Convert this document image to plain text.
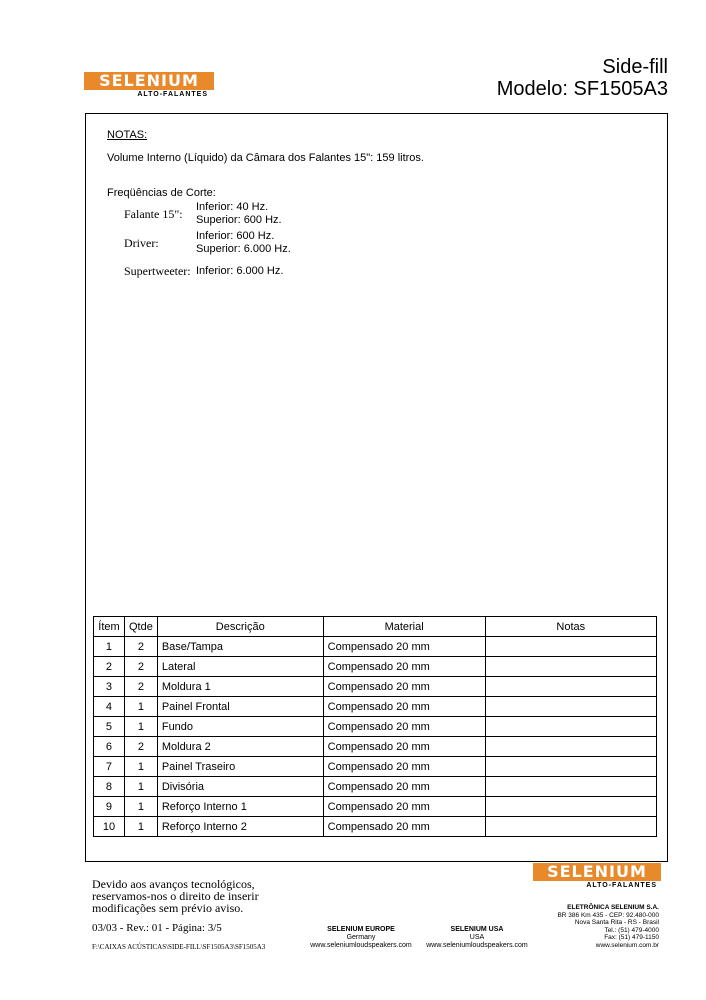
SELENIUM
ALTO-FALANTES
Side-fill
Modelo: SF1505A3
NOTAS:
Volume Interno (Líquido) da Câmara dos Falantes 15": 159 litros.
Freqüências de Corte:
Falante 15": Inferior: 40 Hz.
Superior: 600 Hz.
Driver:	Inferior: 600 Hz.
Superior: 6.000 Hz.
Supertweeter: Inferior: 6.000 Hz.
Ítem	Qtde	Descrição	Material	Notas
1	2	Base/Tampa	Compensado 20 mm	
2	2	Lateral	Compensado 20 mm	
3	2	Moldura 1	Compensado 20 mm	
4	1	Painel Frontal	Compensado 20 mm	
5	1	Fundo	Compensado 20 mm	
6	2	Moldura 2	Compensado 20 mm	
7	1	Painel Traseiro	Compensado 20 mm	
8	1	Divisória	Compensado 20 mm	
9	1	Reforço Interno 1	Compensado 20 mm	
10	1	Reforço Interno 2	Compensado 20 mm	
Devido aos avanços tecnológicos,
reservamos-nos o direito de inserir
modificações sem prévio aviso.
03/03 - Rev.: 01 - Página: 3/5
F:\CAIXAS ACÚSTICAS\SIDE-FILL\SF1505A3\SF1505A3
SELENIUM EUROPE
Germany
www.seleniumloudspeakers.com
SELENIUM USA
USA
www.seleniumloudspeakers.com
SELENIUM
ALTO-FALANTES
ELETRÔNICA SELENIUM S.A.
BR 386 Km 435 - CEP: 92.480-000
Nova Santa Rita - RS - Brasil
Tel.: (51) 479-4000
Fax: (51) 479-1150
www.selenium.com.br
